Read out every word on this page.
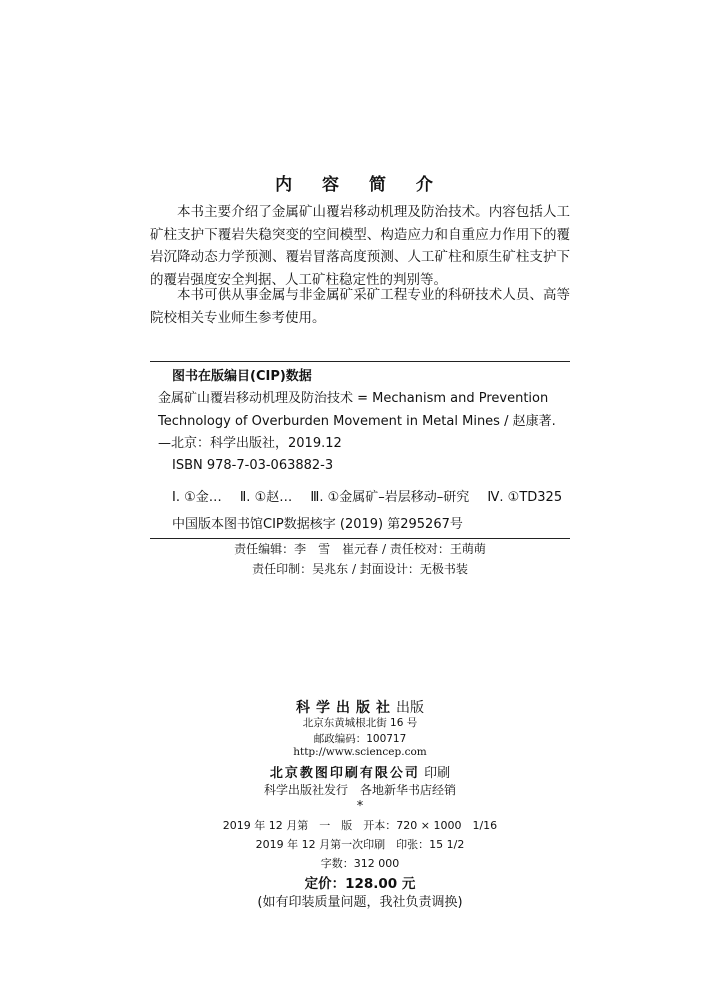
内 容 简 介
本书主要介绍了金属矿山覆岩移动机理及防治技术。内容包括人工矿柱支护下覆岩失稳突变的空间模型、构造应力和自重应力作用下的覆岩沉降动态力学预测、覆岩冒落高度预测、人工矿柱和原生矿柱支护下的覆岩强度安全判据、人工矿柱稳定性的判别等。
本书可供从事金属与非金属矿采矿工程专业的科研技术人员、高等院校相关专业师生参考使用。
图书在版编目(CIP)数据
金属矿山覆岩移动机理及防治技术 = Mechanism and Prevention Technology of Overburden Movement in Metal Mines / 赵康著. —北京：科学出版社，2019.12
ISBN 978-7-03-063882-3
Ⅰ. ①金… Ⅱ. ①赵… Ⅲ. ①金属矿–岩层移动–研究 Ⅳ. ①TD325
中国版本图书馆CIP数据核字 (2019) 第295267号
责任编辑：李　雪　崔元春 / 责任校对：王萌萌
责任印制：吴兆东 / 封面设计：无极书装
科学出版社出版
北京东黄城根北街 16 号
邮政编码：100717
http://www.sciencep.com
北京教图印刷有限公司 印刷
科学出版社发行　各地新华书店经销
*
2019 年 12 月第　一　版　开本：720 × 1000　1/16
2019 年 12 月第一次印刷　印张：15 1/2
字数：312 000
定价：128.00 元
(如有印装质量问题，我社负责调换)
